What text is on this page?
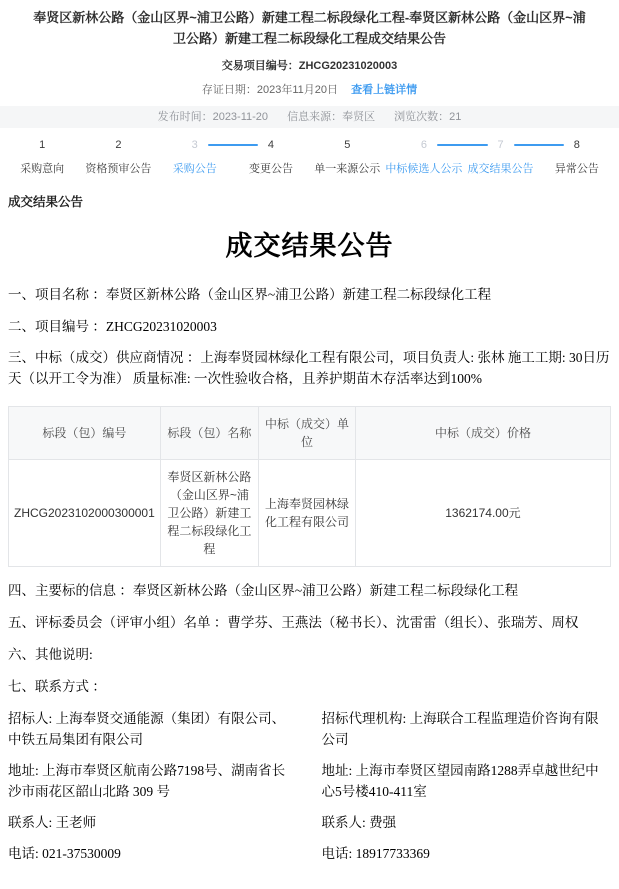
奉贤区新林公路（金山区界~浦卫公路）新建工程二标段绿化工程-奉贤区新林公路（金山区界~浦卫公路）新建工程二标段绿化工程成交结果公告
交易项目编号：ZHCG20231020003
存证日期：2023年11月20日 查看上链详情
发布时间：2023-11-20 信息来源：奉贤区 浏览次数：21
1
采购意向
2
资格预审公告
3
采购公告
4
变更公告
5
单一来源公示
6
中标候选人公示
7
成交结果公告
8
异常公告
成交结果公告
成交结果公告

一、项目名称 ：奉贤区新林公路（金山区界~浦卫公路）新建工程二标段绿化工程

二、项目编号 ：ZHCG20231020003

三、中标（成交）供应商情况 ：上海奉贤园林绿化工程有限公司，项目负责人: 张林 施工工期: 30日历天（以开工令为准） 质量标准: 一次性验收合格，且养护期苗木存活率达到100%

标段（包）编号	标段（包）名称	中标（成交）单位	中标（成交）价格
ZHCG2023102000300001	奉贤区新林公路（金山区界~浦卫公路）新建工程二标段绿化工程	上海奉贤园林绿化工程有限公司	1362174.00元

四、主要标的信息 ：奉贤区新林公路（金山区界~浦卫公路）新建工程二标段绿化工程

五、评标委员会（评审小组）名单 ：曹学芬、王燕法（秘书长）、沈雷雷（组长）、张瑞芳、周权

六、其他说明:

七、联系方式 ：

招标人: 上海奉贤交通能源（集团）有限公司、中铁五局集团有限公司

地址: 上海市奉贤区航南公路7198号、湖南省长沙市雨花区韶山北路 309 号

联系人: 王老师

电话: 021-37530009

招标代理机构: 上海联合工程监理造价咨询有限公司

地址: 上海市奉贤区望园南路1288弄卓越世纪中心5号楼410-411室

联系人: 费强

电话: 18917733369
